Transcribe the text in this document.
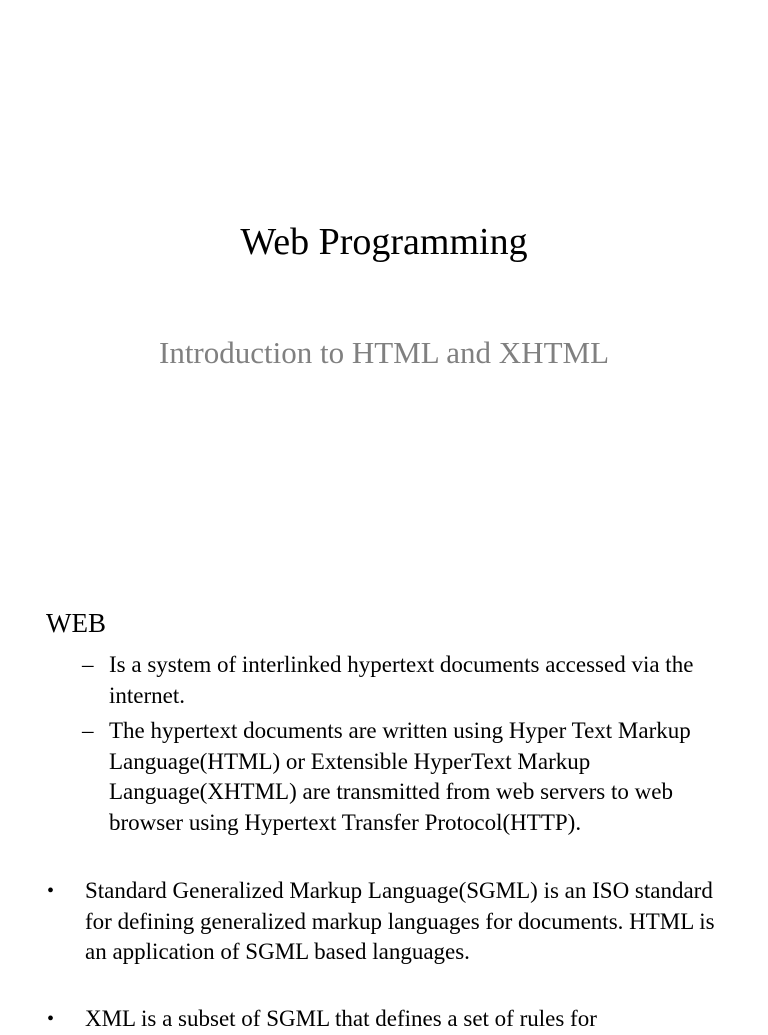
Web Programming

Introduction to HTML and XHTML

WEB
– Is a system of interlinked hypertext documents accessed via the internet.
– The hypertext documents are written using Hyper Text Markup Language(HTML) or Extensible HyperText Markup Language(XHTML) are transmitted from web servers to web browser using Hypertext Transfer Protocol(HTTP).
• Standard Generalized Markup Language(SGML) is an ISO standard for defining generalized markup languages for documents. HTML is an application of SGML based languages.
• XML is a subset of SGML that defines a set of rules for
